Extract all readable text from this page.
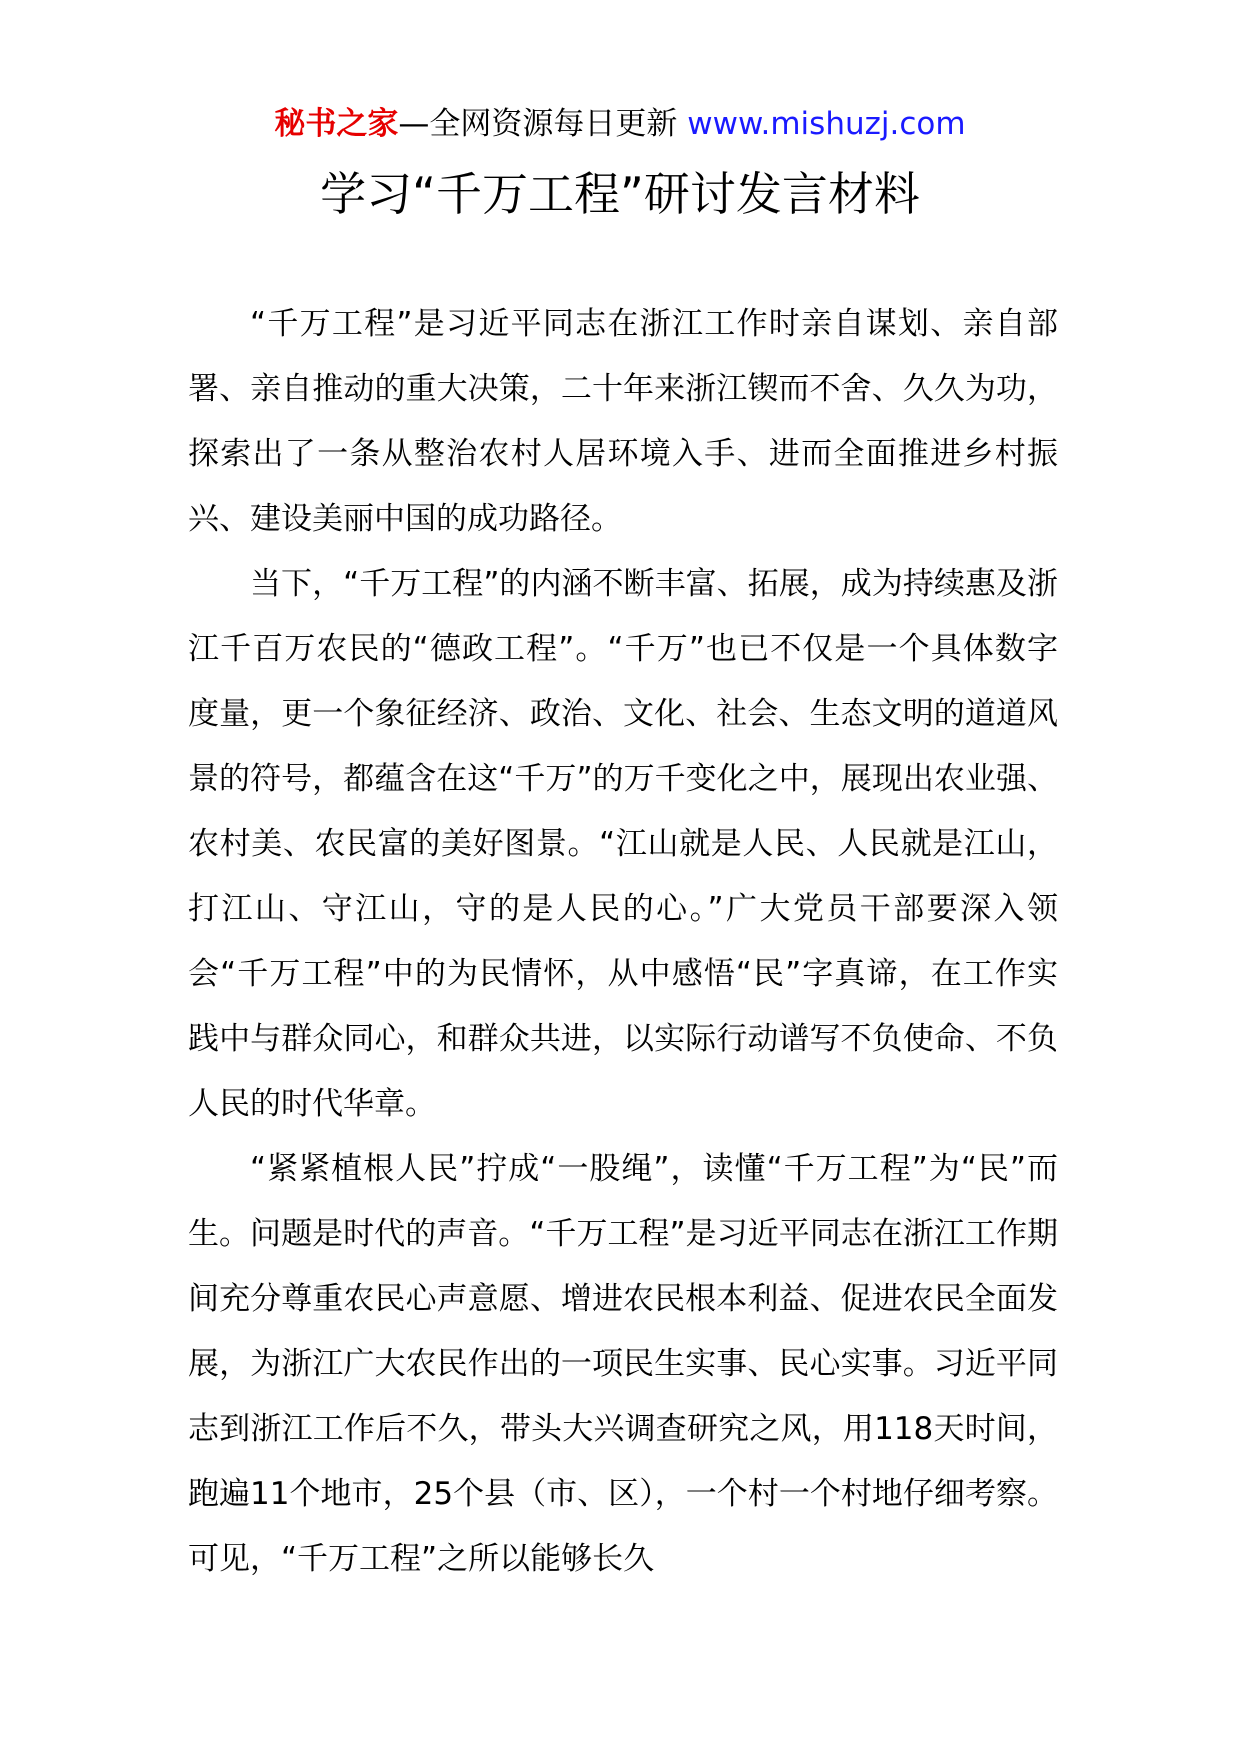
秘书之家—全网资源每日更新 www.mishuzj.com
学习“千万工程”研讨发言材料

“千万工程”是习近平同志在浙江工作时亲自谋划、亲自部署、亲自推动的重大决策，二十年来浙江锲而不舍、久久为功，探索出了一条从整治农村人居环境入手、进而全面推进乡村振兴、建设美丽中国的成功路径。

当下，“千万工程”的内涵不断丰富、拓展，成为持续惠及浙江千百万农民的“德政工程”。“千万”也已不仅是一个具体数字度量，更一个象征经济、政治、文化、社会、生态文明的道道风景的符号，都蕴含在这“千万”的万千变化之中，展现出农业强、农村美、农民富的美好图景。“江山就是人民、人民就是江山，打江山、守江山，守的是人民的心。”广大党员干部要深入领会“千万工程”中的为民情怀，从中感悟“民”字真谛，在工作实践中与群众同心，和群众共进，以实际行动谱写不负使命、不负人民的时代华章。

“紧紧植根人民”拧成“一股绳”，读懂“千万工程”为“民”而生。问题是时代的声音。“千万工程”是习近平同志在浙江工作期间充分尊重农民心声意愿、增进农民根本利益、促进农民全面发展，为浙江广大农民作出的一项民生实事、民心实事。习近平同志到浙江工作后不久，带头大兴调查研究之风，用118天时间，跑遍11个地市，25个县（市、区），一个村一个村地仔细考察。可见，“千万工程”之所以能够长久
